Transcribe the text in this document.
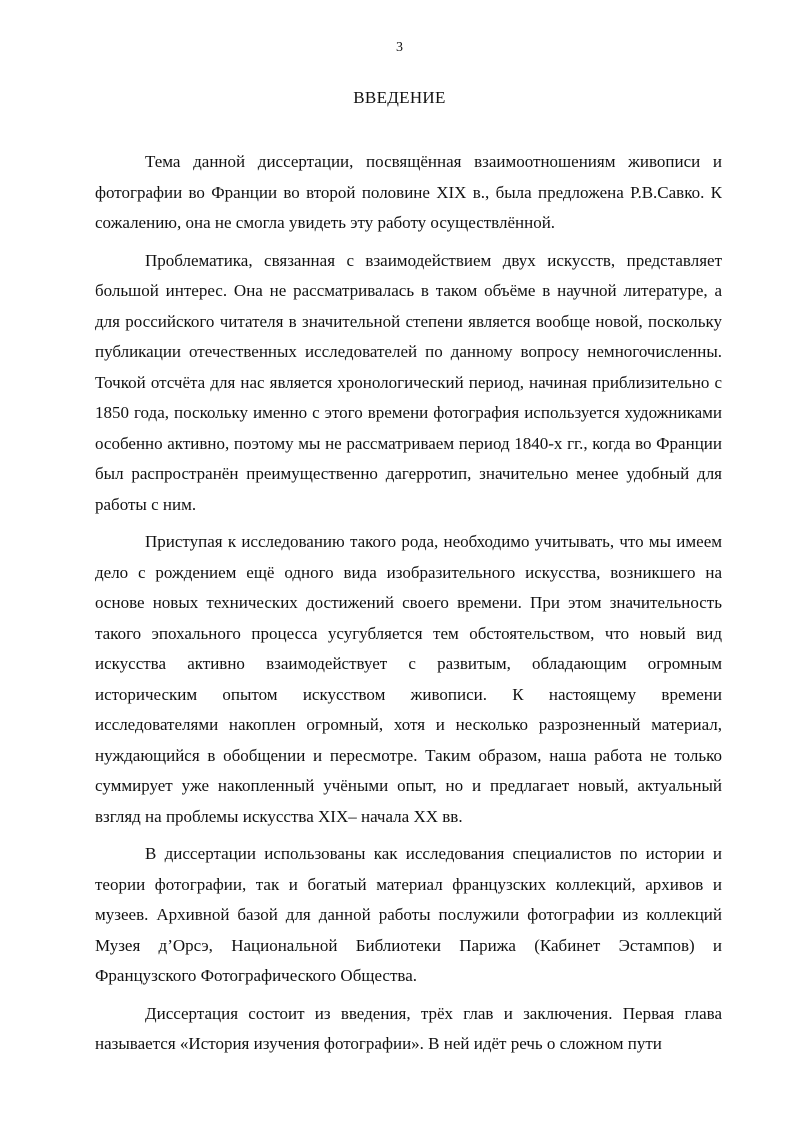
3
ВВЕДЕНИЕ

Тема данной диссертации, посвящённая взаимоотношениям живописи и фотографии во Франции во второй половине XIX в., была предложена Р.В.Савко. К сожалению, она не смогла увидеть эту работу осуществлённой.

Проблематика, связанная с взаимодействием двух искусств, представляет большой интерес. Она не рассматривалась в таком объёме в научной литературе, а для российского читателя в значительной степени является вообще новой, поскольку публикации отечественных исследователей по данному вопросу немногочисленны. Точкой отсчёта для нас является хронологический период, начиная приблизительно с 1850 года, поскольку именно с этого времени фотография используется художниками особенно активно, поэтому мы не рассматриваем период 1840-х гг., когда во Франции был распространён преимущественно дагерротип, значительно менее удобный для работы с ним.

Приступая к исследованию такого рода, необходимо учитывать, что мы имеем дело с рождением ещё одного вида изобразительного искусства, возникшего на основе новых технических достижений своего времени. При этом значительность такого эпохального процесса усугубляется тем обстоятельством, что новый вид искусства активно взаимодействует с развитым, обладающим огромным историческим опытом искусством живописи. К настоящему времени исследователями накоплен огромный, хотя и несколько разрозненный материал, нуждающийся в обобщении и пересмотре. Таким образом, наша работа не только суммирует уже накопленный учёными опыт, но и предлагает новый, актуальный взгляд на проблемы искусства XIX– начала XX вв.

В диссертации использованы как исследования специалистов по истории и теории фотографии, так и богатый материал французских коллекций, архивов и музеев. Архивной базой для данной работы послужили фотографии из коллекций Музея д’Орсэ, Национальной Библиотеки Парижа (Кабинет Эстампов) и Французского Фотографического Общества.

Диссертация состоит из введения, трёх глав и заключения. Первая глава называется «История изучения фотографии». В ней идёт речь о сложном пути
